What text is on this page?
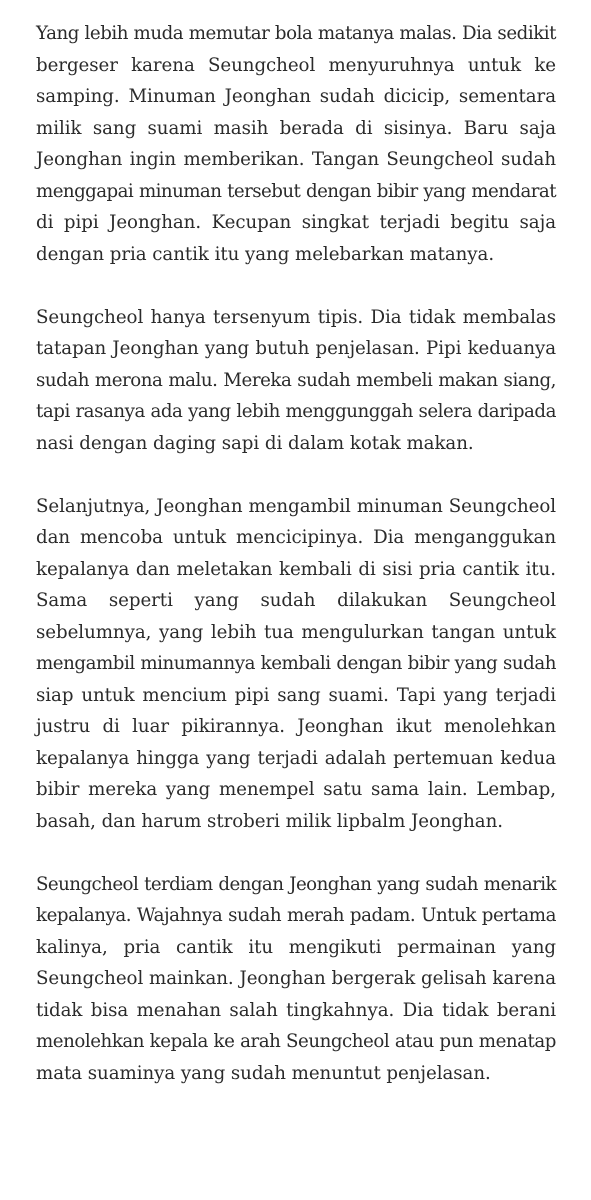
Yang lebih muda memutar bola matanya malas. Dia sedikit
bergeser karena Seungcheol menyuruhnya untuk ke
samping. Minuman Jeonghan sudah dicicip, sementara
milik sang suami masih berada di sisinya. Baru saja
Jeonghan ingin memberikan. Tangan Seungcheol sudah
menggapai minuman tersebut dengan bibir yang mendarat
di pipi Jeonghan. Kecupan singkat terjadi begitu saja
dengan pria cantik itu yang melebarkan matanya.

Seungcheol hanya tersenyum tipis. Dia tidak membalas
tatapan Jeonghan yang butuh penjelasan. Pipi keduanya
sudah merona malu. Mereka sudah membeli makan siang,
tapi rasanya ada yang lebih menggunggah selera daripada
nasi dengan daging sapi di dalam kotak makan.

Selanjutnya, Jeonghan mengambil minuman Seungcheol
dan mencoba untuk mencicipinya. Dia menganggukan
kepalanya dan meletakan kembali di sisi pria cantik itu.
Sama seperti yang sudah dilakukan Seungcheol
sebelumnya, yang lebih tua mengulurkan tangan untuk
mengambil minumannya kembali dengan bibir yang sudah
siap untuk mencium pipi sang suami. Tapi yang terjadi
justru di luar pikirannya. Jeonghan ikut menolehkan
kepalanya hingga yang terjadi adalah pertemuan kedua
bibir mereka yang menempel satu sama lain. Lembap,
basah, dan harum stroberi milik lipbalm Jeonghan.

Seungcheol terdiam dengan Jeonghan yang sudah menarik
kepalanya. Wajahnya sudah merah padam. Untuk pertama
kalinya, pria cantik itu mengikuti permainan yang
Seungcheol mainkan. Jeonghan bergerak gelisah karena
tidak bisa menahan salah tingkahnya. Dia tidak berani
menolehkan kepala ke arah Seungcheol atau pun menatap
mata suaminya yang sudah menuntut penjelasan.
